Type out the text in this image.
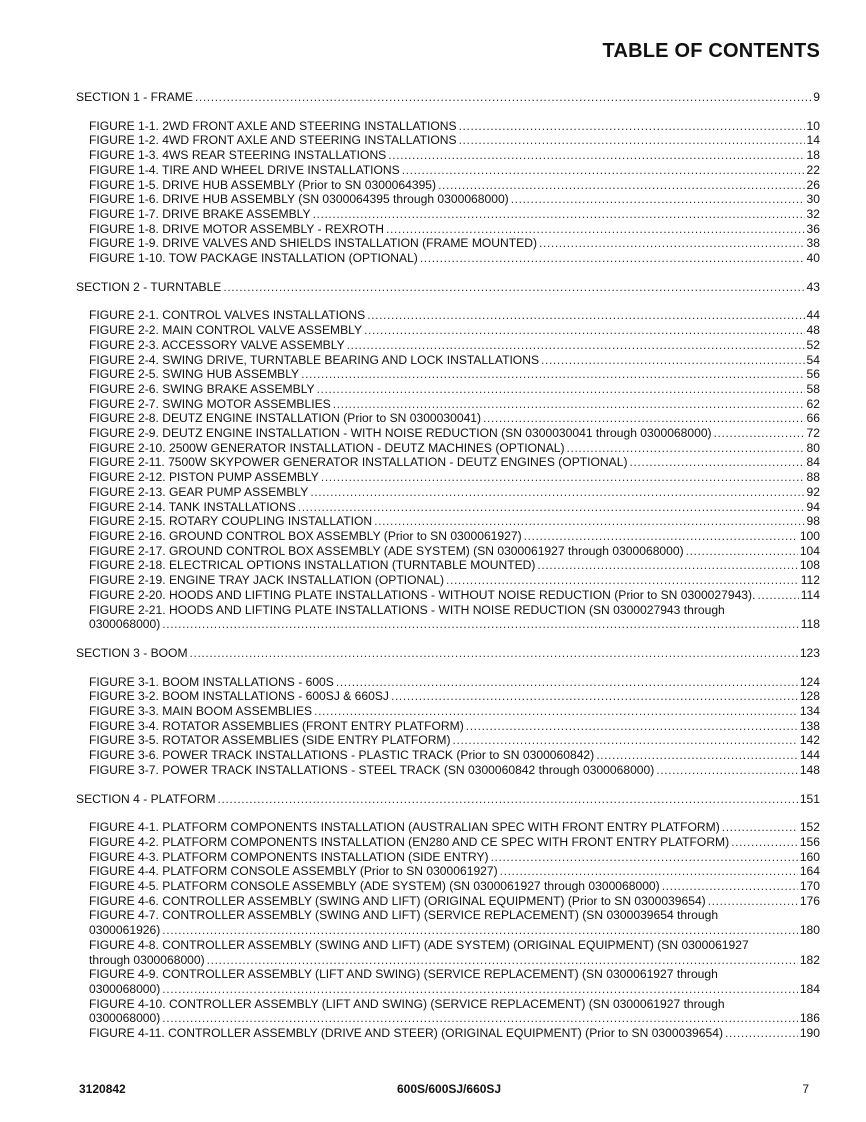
TABLE OF CONTENTS
SECTION 1 - FRAME .....	9
FIGURE 1-1. 2WD FRONT AXLE AND STEERING INSTALLATIONS .....	10
FIGURE 1-2. 4WD FRONT AXLE AND STEERING INSTALLATIONS .....	14
FIGURE 1-3. 4WS REAR STEERING INSTALLATIONS .....	18
FIGURE 1-4. TIRE AND WHEEL DRIVE INSTALLATIONS .....	22
FIGURE 1-5. DRIVE HUB ASSEMBLY (Prior to SN 0300064395) .....	26
FIGURE 1-6. DRIVE HUB ASSEMBLY (SN 0300064395 through 0300068000) .....	30
FIGURE 1-7. DRIVE BRAKE ASSEMBLY .....	32
FIGURE 1-8. DRIVE MOTOR ASSEMBLY - REXROTH .....	36
FIGURE 1-9. DRIVE VALVES AND SHIELDS INSTALLATION (FRAME MOUNTED) .....	38
FIGURE 1-10. TOW PACKAGE INSTALLATION (OPTIONAL) .....	40
SECTION 2 - TURNTABLE .....	43
FIGURE 2-1. CONTROL VALVES INSTALLATIONS .....	44
FIGURE 2-2. MAIN CONTROL VALVE ASSEMBLY .....	48
FIGURE 2-3. ACCESSORY VALVE ASSEMBLY .....	52
FIGURE 2-4. SWING DRIVE, TURNTABLE BEARING AND LOCK INSTALLATIONS .....	54
FIGURE 2-5. SWING HUB ASSEMBLY .....	56
FIGURE 2-6. SWING BRAKE ASSEMBLY .....	58
FIGURE 2-7. SWING MOTOR ASSEMBLIES .....	62
FIGURE 2-8. DEUTZ ENGINE INSTALLATION (Prior to SN 0300030041) .....	66
FIGURE 2-9. DEUTZ ENGINE INSTALLATION - WITH NOISE REDUCTION (SN 0300030041 through 0300068000) .....	72
FIGURE 2-10. 2500W GENERATOR INSTALLATION - DEUTZ MACHINES (OPTIONAL) .....	80
FIGURE 2-11. 7500W SKYPOWER GENERATOR INSTALLATION - DEUTZ ENGINES (OPTIONAL) .....	84
FIGURE 2-12. PISTON PUMP ASSEMBLY .....	88
FIGURE 2-13. GEAR PUMP ASSEMBLY .....	92
FIGURE 2-14. TANK INSTALLATIONS .....	94
FIGURE 2-15. ROTARY COUPLING INSTALLATION .....	98
FIGURE 2-16. GROUND CONTROL BOX ASSEMBLY (Prior to SN 0300061927) .....	100
FIGURE 2-17. GROUND CONTROL BOX ASSEMBLY (ADE SYSTEM) (SN 0300061927 through 0300068000) .....	104
FIGURE 2-18. ELECTRICAL OPTIONS INSTALLATION (TURNTABLE MOUNTED) .....	108
FIGURE 2-19. ENGINE TRAY JACK INSTALLATION (OPTIONAL) .....	112
FIGURE 2-20. HOODS AND LIFTING PLATE INSTALLATIONS - WITHOUT NOISE REDUCTION (Prior to SN 0300027943). .....	114
FIGURE 2-21. HOODS AND LIFTING PLATE INSTALLATIONS - WITH NOISE REDUCTION (SN 0300027943 through
0300068000) .....	118
SECTION 3 - BOOM .....	123
FIGURE 3-1. BOOM INSTALLATIONS - 600S .....	124
FIGURE 3-2. BOOM INSTALLATIONS - 600SJ & 660SJ .....	128
FIGURE 3-3. MAIN BOOM ASSEMBLIES .....	134
FIGURE 3-4. ROTATOR ASSEMBLIES (FRONT ENTRY PLATFORM) .....	138
FIGURE 3-5. ROTATOR ASSEMBLIES (SIDE ENTRY PLATFORM) .....	142
FIGURE 3-6. POWER TRACK INSTALLATIONS - PLASTIC TRACK (Prior to SN 0300060842) .....	144
FIGURE 3-7. POWER TRACK INSTALLATIONS - STEEL TRACK (SN 0300060842 through 0300068000) .....	148
SECTION 4 - PLATFORM .....	151
FIGURE 4-1. PLATFORM COMPONENTS INSTALLATION (AUSTRALIAN SPEC WITH FRONT ENTRY PLATFORM) .....	152
FIGURE 4-2. PLATFORM COMPONENTS INSTALLATION (EN280 AND CE SPEC WITH FRONT ENTRY PLATFORM) .....	156
FIGURE 4-3. PLATFORM COMPONENTS INSTALLATION (SIDE ENTRY) .....	160
FIGURE 4-4. PLATFORM CONSOLE ASSEMBLY (Prior to SN 0300061927) .....	164
FIGURE 4-5. PLATFORM CONSOLE ASSEMBLY (ADE SYSTEM) (SN 0300061927 through 0300068000) .....	170
FIGURE 4-6. CONTROLLER ASSEMBLY (SWING AND LIFT) (ORIGINAL EQUIPMENT) (Prior to SN 0300039654) .....	176
FIGURE 4-7. CONTROLLER ASSEMBLY (SWING AND LIFT) (SERVICE REPLACEMENT) (SN 0300039654 through
0300061926) .....	180
FIGURE 4-8. CONTROLLER ASSEMBLY (SWING AND LIFT) (ADE SYSTEM) (ORIGINAL EQUIPMENT) (SN 0300061927
through 0300068000) .....	182
FIGURE 4-9. CONTROLLER ASSEMBLY (LIFT AND SWING) (SERVICE REPLACEMENT) (SN 0300061927 through
0300068000) .....	184
FIGURE 4-10. CONTROLLER ASSEMBLY (LIFT AND SWING) (SERVICE REPLACEMENT) (SN 0300061927 through
0300068000) .....	186
FIGURE 4-11. CONTROLLER ASSEMBLY (DRIVE AND STEER) (ORIGINAL EQUIPMENT) (Prior to SN 0300039654) .....	190
3120842	600S/600SJ/660SJ	7
